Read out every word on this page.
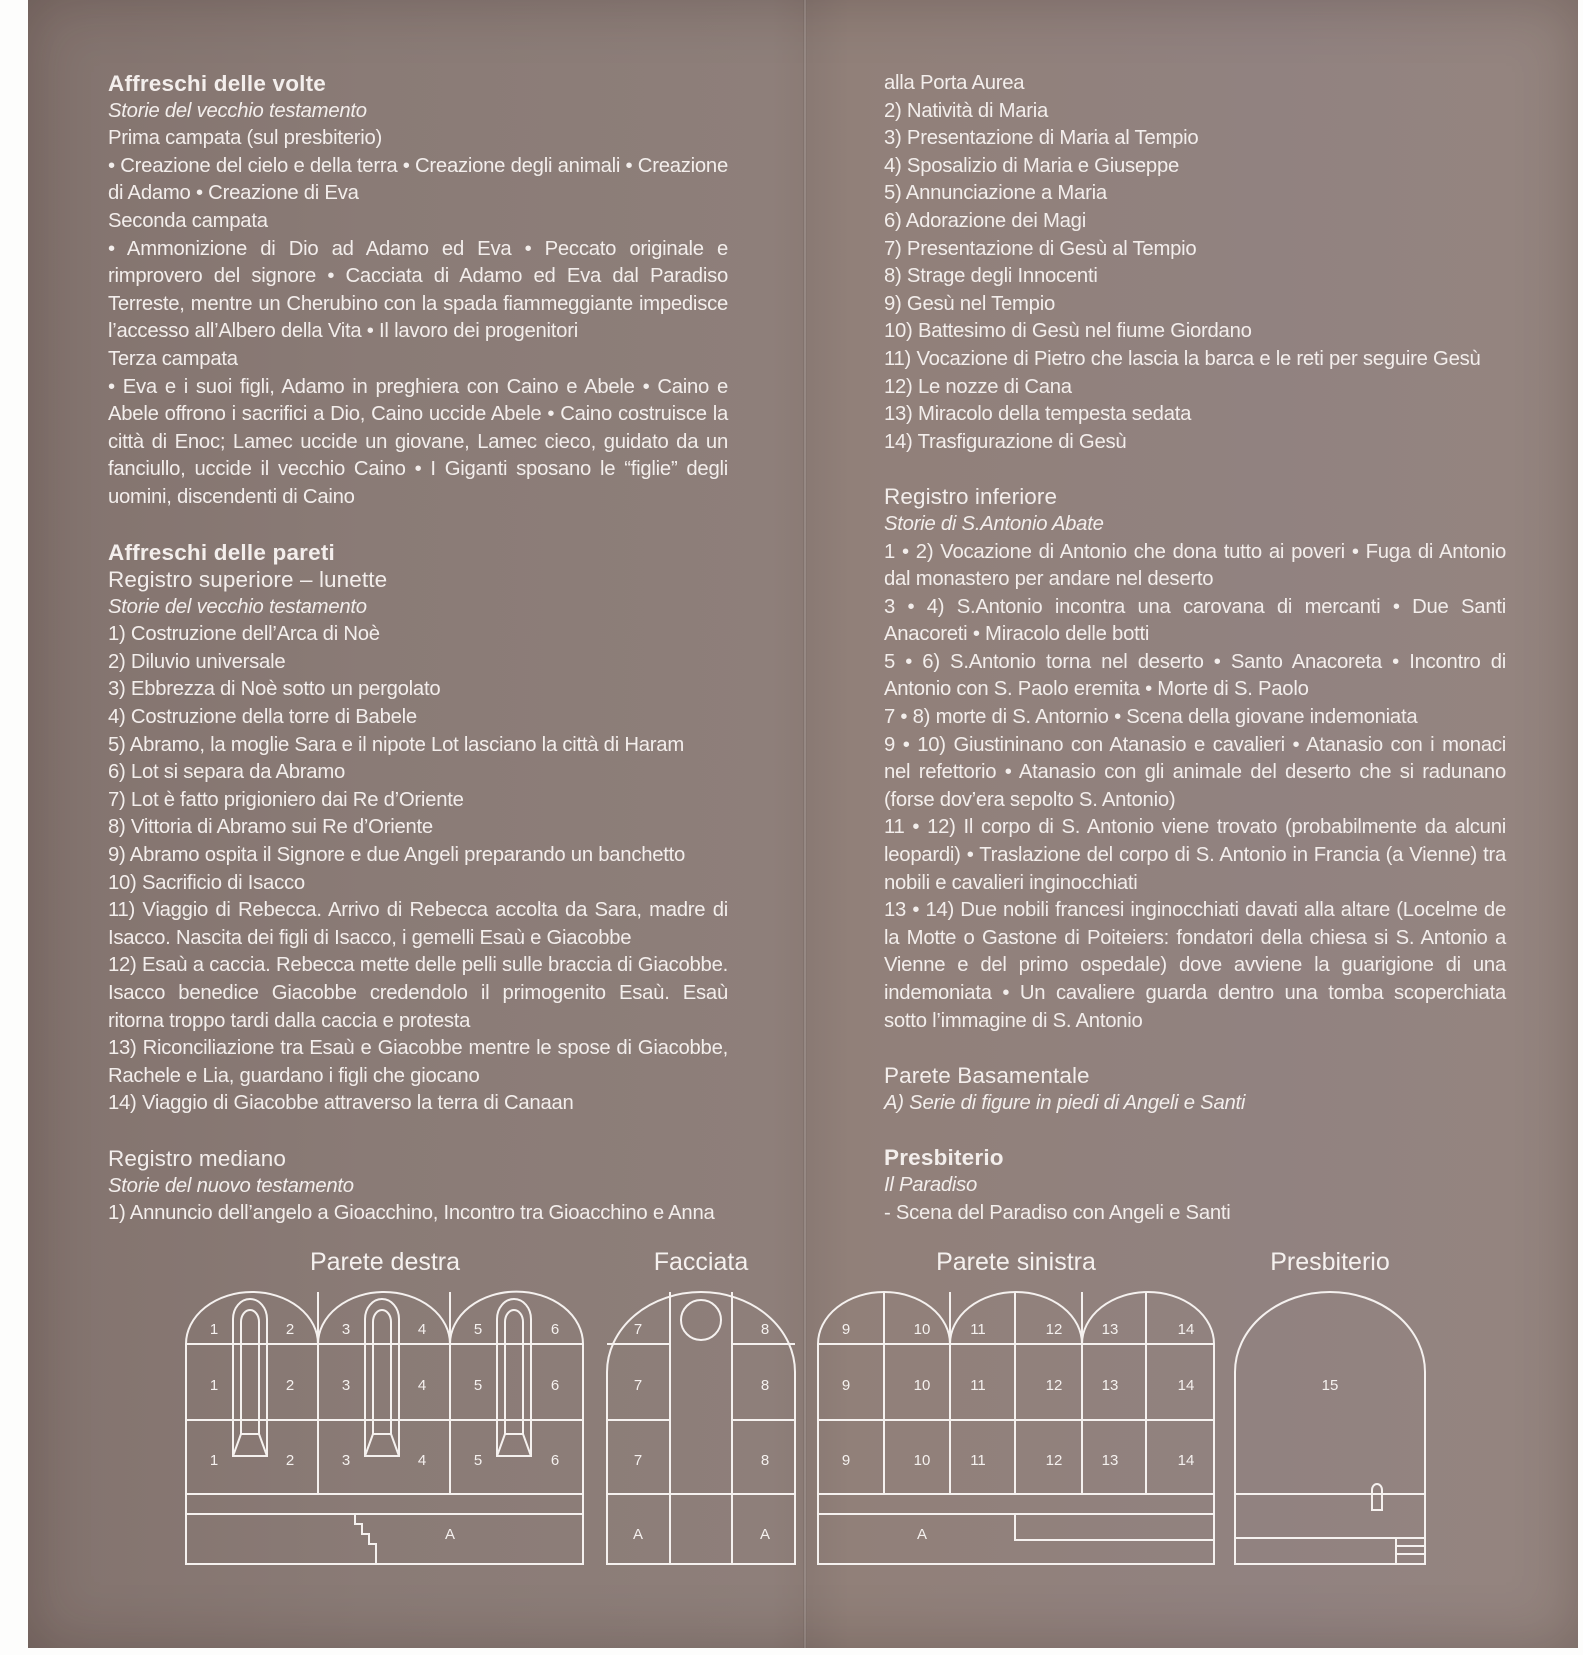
Affreschi delle volte

Storie del vecchio testamento

Prima campata (sul presbiterio)

• Creazione del cielo e della terra • Creazione degli animali • Creazione di Adamo • Creazione di Eva

Seconda campata

• Ammonizione di Dio ad Adamo ed Eva • Peccato originale e rimprovero del signore • Cacciata di Adamo ed Eva dal Paradiso Terreste, mentre un Cherubino con la spada fiammeggiante impedisce l’accesso all’Albero della Vita • Il lavoro dei progenitori

Terza campata

• Eva e i suoi figli, Adamo in preghiera con Caino e Abele • Caino e Abele offrono i sacrifici a Dio, Caino uccide Abele • Caino costruisce la città di Enoc; Lamec uccide un giovane, Lamec cieco, guidato da un fanciullo, uccide il vecchio Caino • I Giganti sposano le “figlie” degli uomini, discendenti di Caino

Affreschi delle pareti

Registro superiore – lunette

Storie del vecchio testamento

1) Costruzione dell’Arca di Noè

2) Diluvio universale

3) Ebbrezza di Noè sotto un pergolato

4) Costruzione della torre di Babele

5) Abramo, la moglie Sara e il nipote Lot lasciano la città di Haram

6) Lot si separa da Abramo

7) Lot è fatto prigioniero dai Re d’Oriente

8) Vittoria di Abramo sui Re d’Oriente

9) Abramo ospita il Signore e due Angeli preparando un banchetto

10) Sacrificio di Isacco

11) Viaggio di Rebecca. Arrivo di Rebecca accolta da Sara, madre di Isacco. Nascita dei figli di Isacco, i gemelli Esaù e Giacobbe

12) Esaù a caccia. Rebecca mette delle pelli sulle braccia di Giacobbe. Isacco benedice Giacobbe credendolo il primogenito Esaù. Esaù ritorna troppo tardi dalla caccia e protesta

13) Riconciliazione tra Esaù e Giacobbe mentre le spose di Giacobbe, Rachele e Lia, guardano i figli che giocano

14) Viaggio di Giacobbe attraverso la terra di Canaan

Registro mediano

Storie del nuovo testamento

1) Annuncio dell’angelo a Gioacchino, Incontro tra Gioacchino e Anna

alla Porta Aurea

2) Natività di Maria

3) Presentazione di Maria al Tempio

4) Sposalizio di Maria e Giuseppe

5) Annunciazione a Maria

6) Adorazione dei Magi

7) Presentazione di Gesù al Tempio

8) Strage degli Innocenti

9) Gesù nel Tempio

10) Battesimo di Gesù nel fiume Giordano

11) Vocazione di Pietro che lascia la barca e le reti per seguire Gesù

12) Le nozze di Cana

13) Miracolo della tempesta sedata

14) Trasfigurazione di Gesù

Registro inferiore

Storie di S.Antonio Abate

1 • 2) Vocazione di Antonio che dona tutto ai poveri • Fuga di Antonio dal monastero per andare nel deserto

3 • 4) S.Antonio incontra una carovana di mercanti • Due Santi Anacoreti • Miracolo delle botti

5 • 6) S.Antonio torna nel deserto • Santo Anacoreta • Incontro di Antonio con S. Paolo eremita • Morte di S. Paolo

7 • 8) morte di S. Antornio • Scena della giovane indemoniata

9 • 10) Giustininano con Atanasio e cavalieri • Atanasio con i monaci nel refettorio • Atanasio con gli animale del deserto che si radunano (forse dov’era sepolto S. Antonio)

11 • 12) Il corpo di S. Antonio viene trovato (probabilmente da alcuni leopardi) • Traslazione del corpo di S. Antonio in Francia (a Vienne) tra nobili e cavalieri inginocchiati

13 • 14) Due nobili francesi inginocchiati davati alla altare (Locelme de la Motte o Gastone di Poiteiers: fondatori della chiesa si S. Antonio a Vienne e del primo ospedale) dove avviene la guarigione di una indemoniata • Un cavaliere guarda dentro una tomba scoperchiata sotto l’immagine di S. Antonio

Parete Basamentale

A) Serie di figure in piedi di Angeli e Santi

Presbiterio

Il Paradiso

- Scena del Paradiso con Angeli e Santi

Parete destra	Facciata	Parete sinistra	Presbiterio
1	2	3	4	5	6
1	2	3	4	5	6
1	2	3	4	5	6
A
7	8
7	8
7	8
A	A
9	10	11	12	13	14
9	10	11	12	13	14
9	10	11	12	13	14
A
15
